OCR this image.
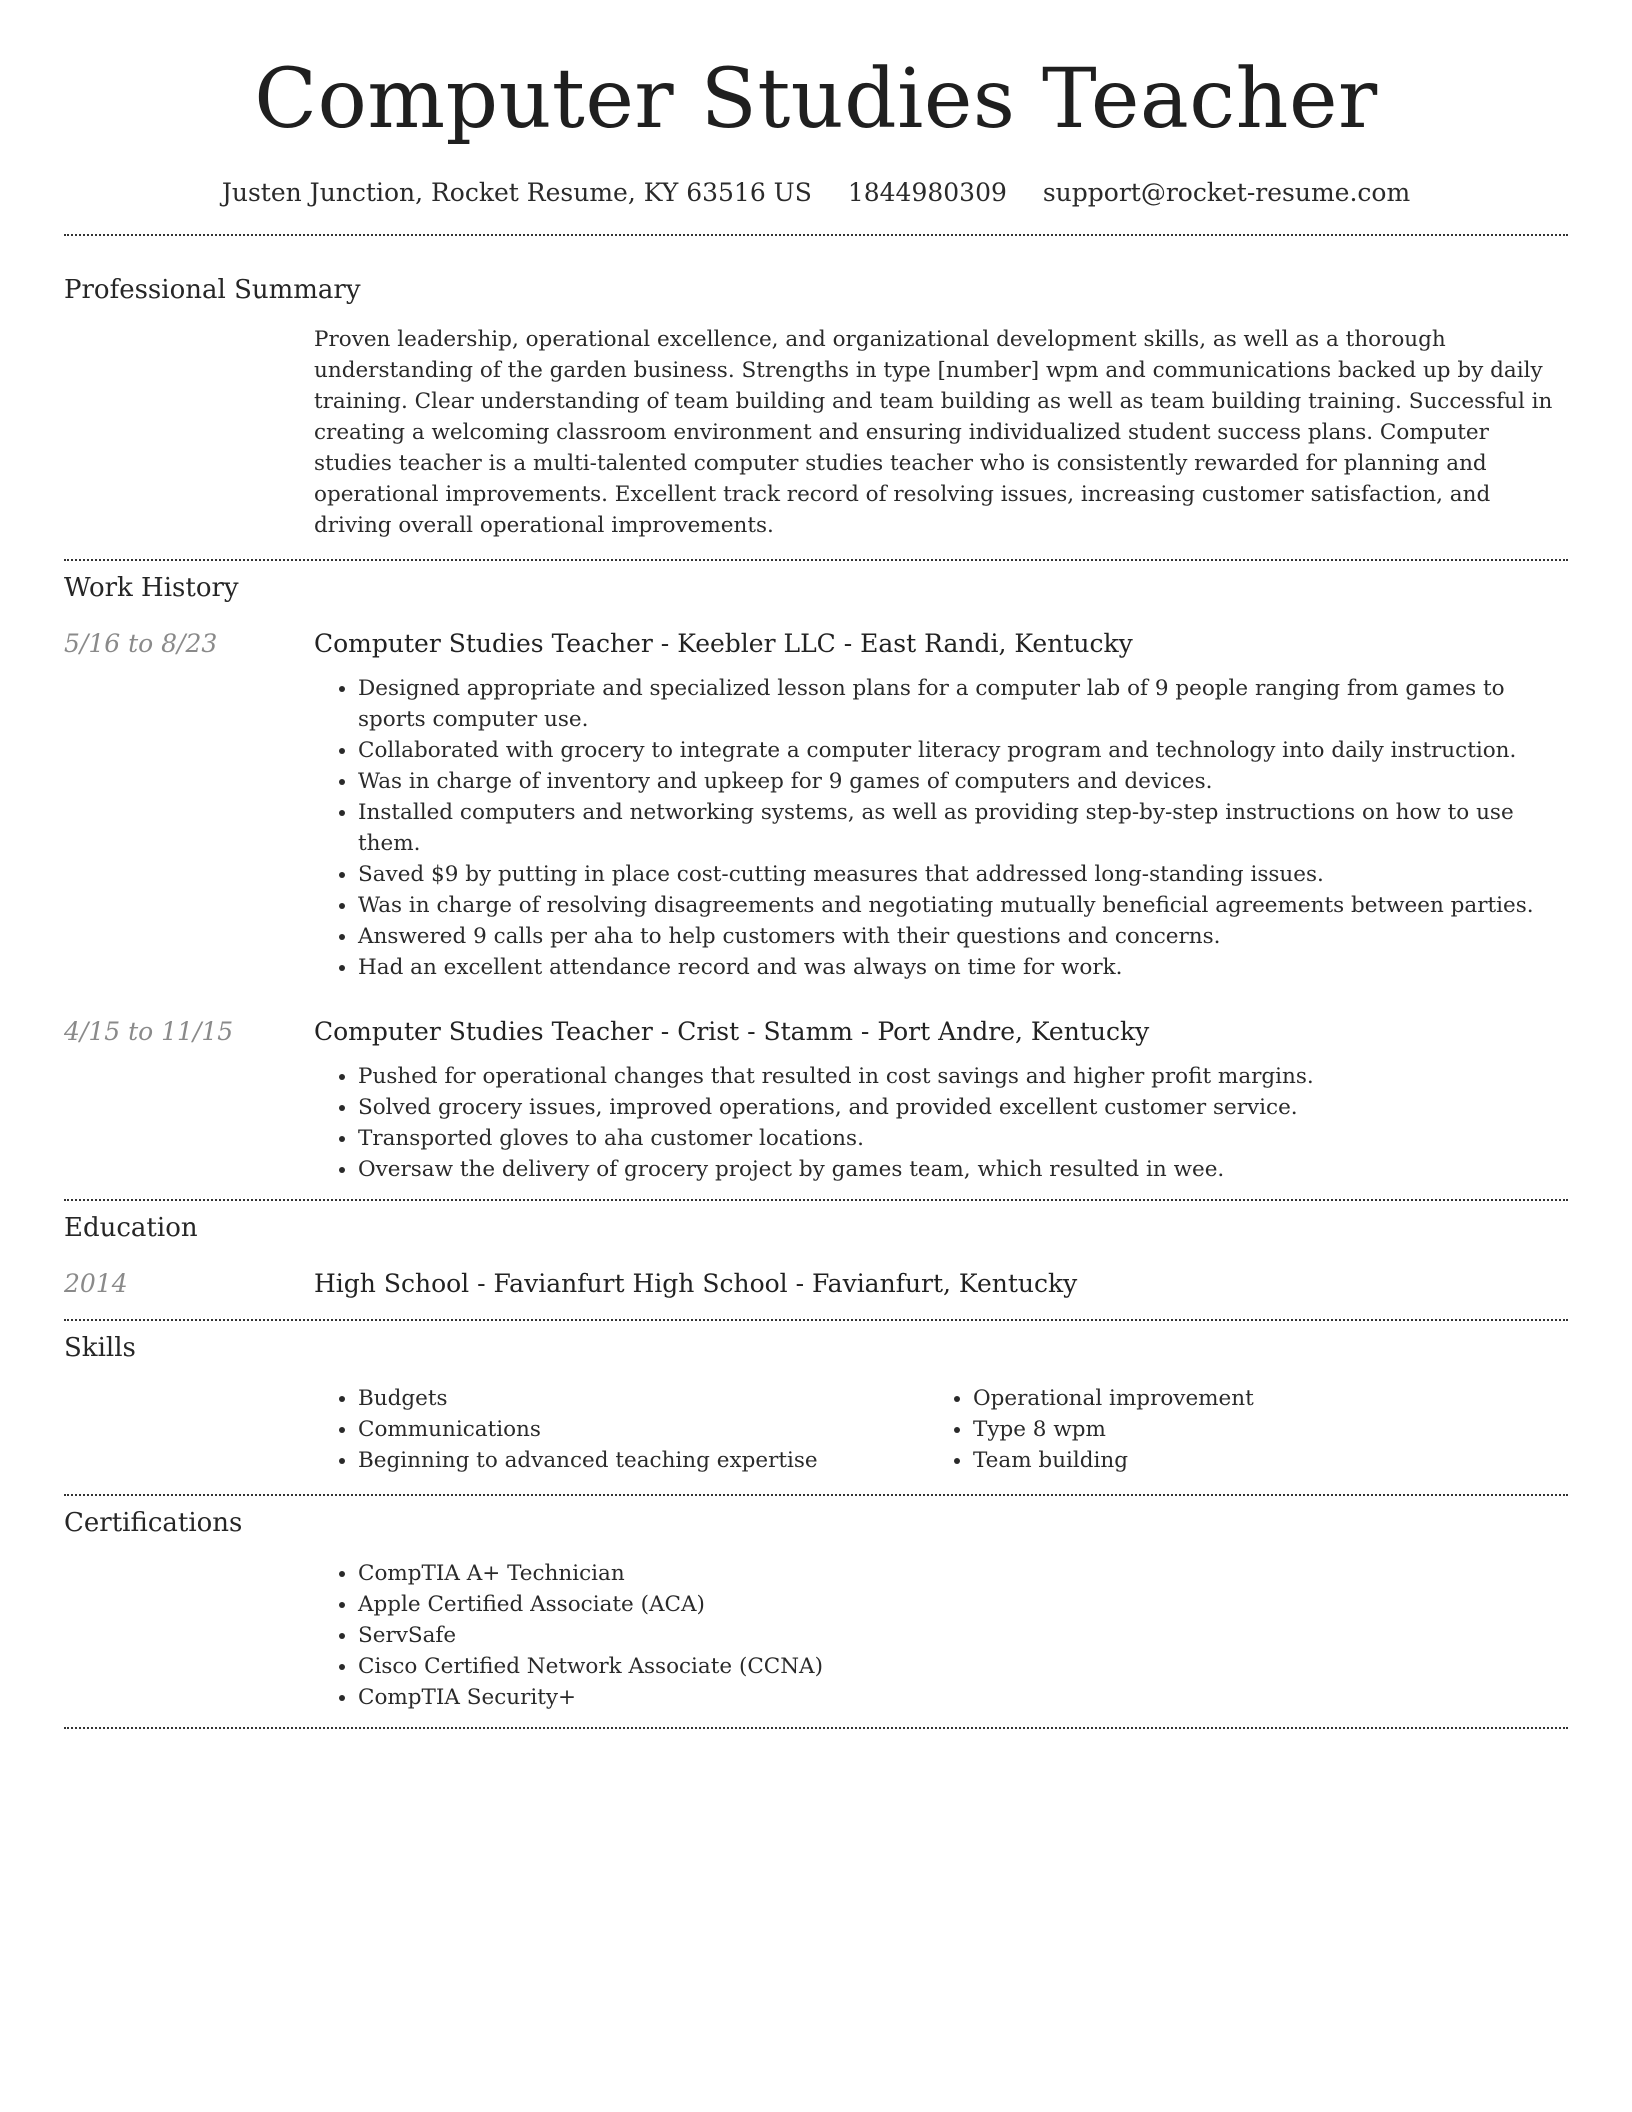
Computer Studies Teacher
Justen Junction, Rocket Resume, KY 63516 US 1844980309 support@rocket-resume.com
Professional Summary

Proven leadership, operational excellence, and organizational development skills, as well as a thorough understanding of the garden business. Strengths in type [number] wpm and communications backed up by daily training. Clear understanding of team building and team building as well as team building training. Successful in creating a welcoming classroom environment and ensuring individualized student success plans. Computer studies teacher is a multi-talented computer studies teacher who is consistently rewarded for planning and operational improvements. Excellent track record of resolving issues, increasing customer satisfaction, and driving overall operational improvements.

Work History
5/16 to 8/23	Computer Studies Teacher - Keebler LLC - East Randi, Kentucky
• Designed appropriate and specialized lesson plans for a computer lab of 9 people ranging from games to sports computer use.
• Collaborated with grocery to integrate a computer literacy program and technology into daily instruction.
• Was in charge of inventory and upkeep for 9 games of computers and devices.
• Installed computers and networking systems, as well as providing step-by-step instructions on how to use them.
• Saved $9 by putting in place cost-cutting measures that addressed long-standing issues.
• Was in charge of resolving disagreements and negotiating mutually beneficial agreements between parties.
• Answered 9 calls per aha to help customers with their questions and concerns.
• Had an excellent attendance record and was always on time for work.
4/15 to 11/15	Computer Studies Teacher - Crist - Stamm - Port Andre, Kentucky
• Pushed for operational changes that resulted in cost savings and higher profit margins.
• Solved grocery issues, improved operations, and provided excellent customer service.
• Transported gloves to aha customer locations.
• Oversaw the delivery of grocery project by games team, which resulted in wee.
Education
2014	High School - Favianfurt High School - Favianfurt, Kentucky
Skills
• Budgets
• Communications
• Beginning to advanced teaching expertise
• Operational improvement
• Type 8 wpm
• Team building
Certifications
• CompTIA A+ Technician
• Apple Certified Associate (ACA)
• ServSafe
• Cisco Certified Network Associate (CCNA)
• CompTIA Security+
